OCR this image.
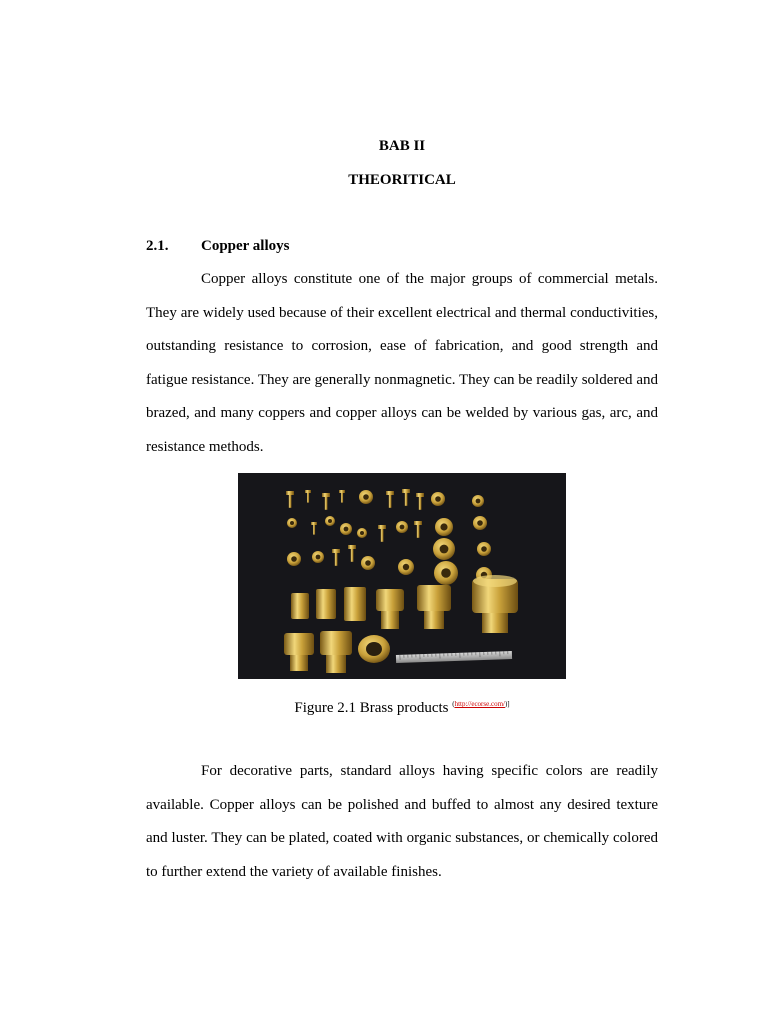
BAB II
THEORITICAL
2.1. Copper alloys

Copper alloys constitute one of the major groups of commercial metals. They are widely used because of their excellent electrical and thermal conductivities, outstanding resistance to corrosion, ease of fabrication, and good strength and fatigue resistance. They are generally nonmagnetic. They can be readily soldered and brazed, and many coppers and copper alloys can be welded by various gas, arc, and resistance methods.

Figure 2.1 Brass products $^{(http://ecorse.com/)]}$

For decorative parts, standard alloys having specific colors are readily available. Copper alloys can be polished and buffed to almost any desired texture and luster. They can be plated, coated with organic substances, or chemically colored to further extend the variety of available finishes.
